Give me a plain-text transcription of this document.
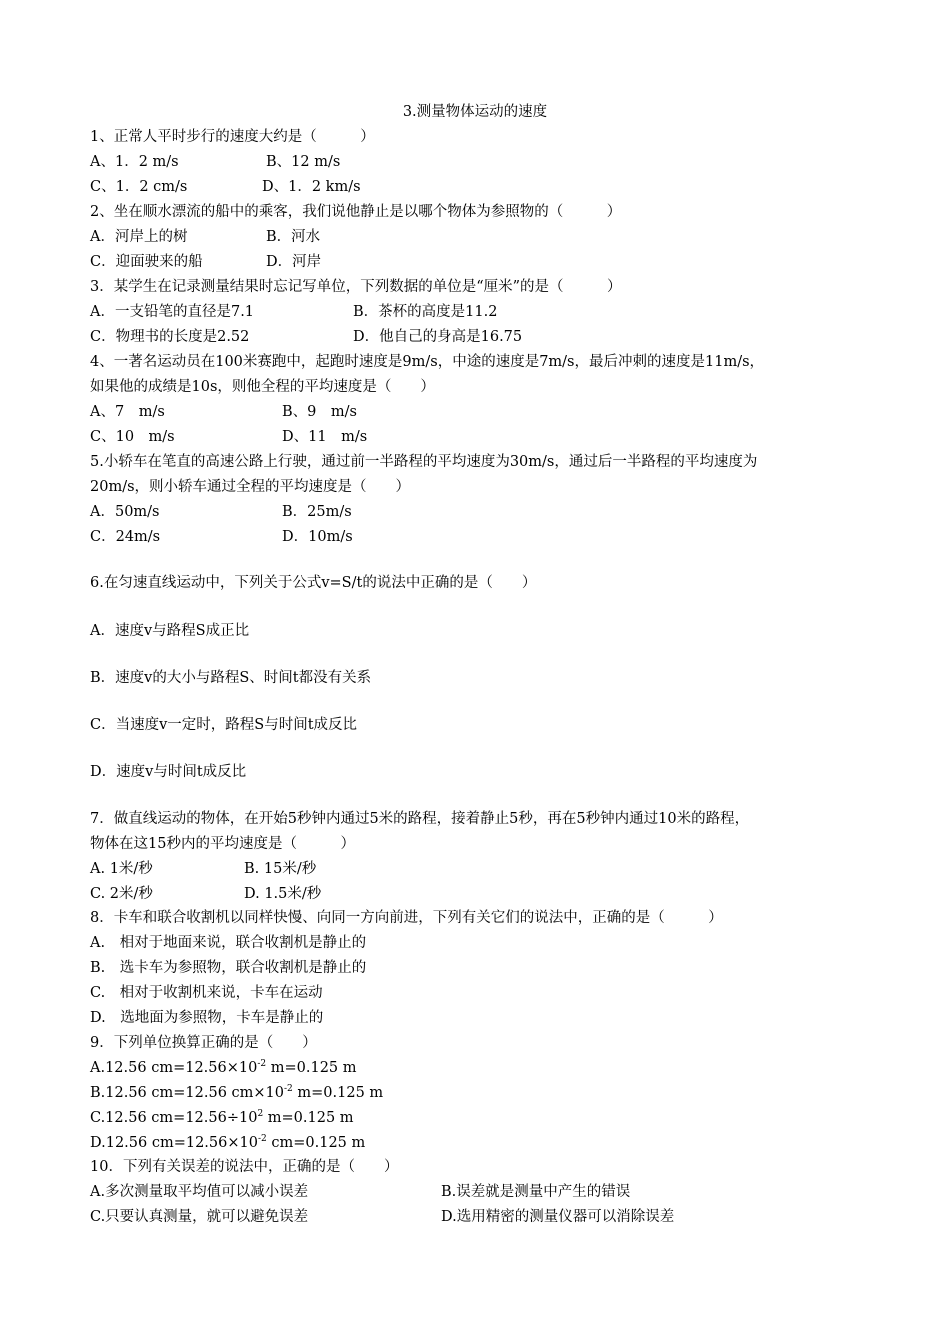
3.测量物体运动的速度
1、正常人平时步行的速度大约是（　　　）
A、1．2 m/s	B、12 m/s
C、1．2 cm/s	D、1．2 km/s
2、坐在顺水漂流的船中的乘客，我们说他静止是以哪个物体为参照物的（　　　）
A．河岸上的树	B．河水
C．迎面驶来的船	D．河岸
3．某学生在记录测量结果时忘记写单位，下列数据的单位是“厘米”的是（　　　）
A．一支铅笔的直径是7.1	B．茶杯的高度是11.2
C．物理书的长度是2.52	D．他自己的身高是16.75
4、一著名运动员在100米赛跑中，起跑时速度是9m/s，中途的速度是7m/s，最后冲刺的速度是11m/s，
如果他的成绩是10s，则他全程的平均速度是（　　）
A、7　m/s	B、9　m/s
C、10　m/s	D、11　m/s
5.小轿车在笔直的高速公路上行驶，通过前一半路程的平均速度为30m/s，通过后一半路程的平均速度为
20m/s，则小轿车通过全程的平均速度是（　　）
A．50m/s	B．25m/s
C．24m/s	D．10m/s
6.在匀速直线运动中，下列关于公式v=S/t的说法中正确的是（　　）
A．速度v与路程S成正比
B．速度v的大小与路程S、时间t都没有关系
C．当速度v一定时，路程S与时间t成反比
D．速度v与时间t成反比
7．做直线运动的物体，在开始5秒钟内通过5米的路程，接着静止5秒，再在5秒钟内通过10米的路程，
物体在这15秒内的平均速度是（　　　）
A. 1米/秒	B. 15米/秒
C. 2米/秒	D. 1.5米/秒
8．卡车和联合收割机以同样快慢、向同一方向前进，下列有关它们的说法中，正确的是（　　　）
A.　相对于地面来说，联合收割机是静止的
B.　选卡车为参照物，联合收割机是静止的
C.　相对于收割机来说，卡车在运动
D.　选地面为参照物，卡车是静止的
9．下列单位换算正确的是（　　）
A.12.56 $cm=12.56\times 10^{-2}$ m=0.125 m
B.12.56 cm=12.56 $cm\times 10^{-2}$ m=0.125 m
C.12.56 $cm=12.56\div 10^2$ m=0.125 m
D.12.56 $cm=12.56\times 10^{-2}$ cm=0.125 m
10．下列有关误差的说法中，正确的是（　　）
A.多次测量取平均值可以减小误差	B.误差就是测量中产生的错误
C.只要认真测量，就可以避免误差	D.选用精密的测量仪器可以消除误差
